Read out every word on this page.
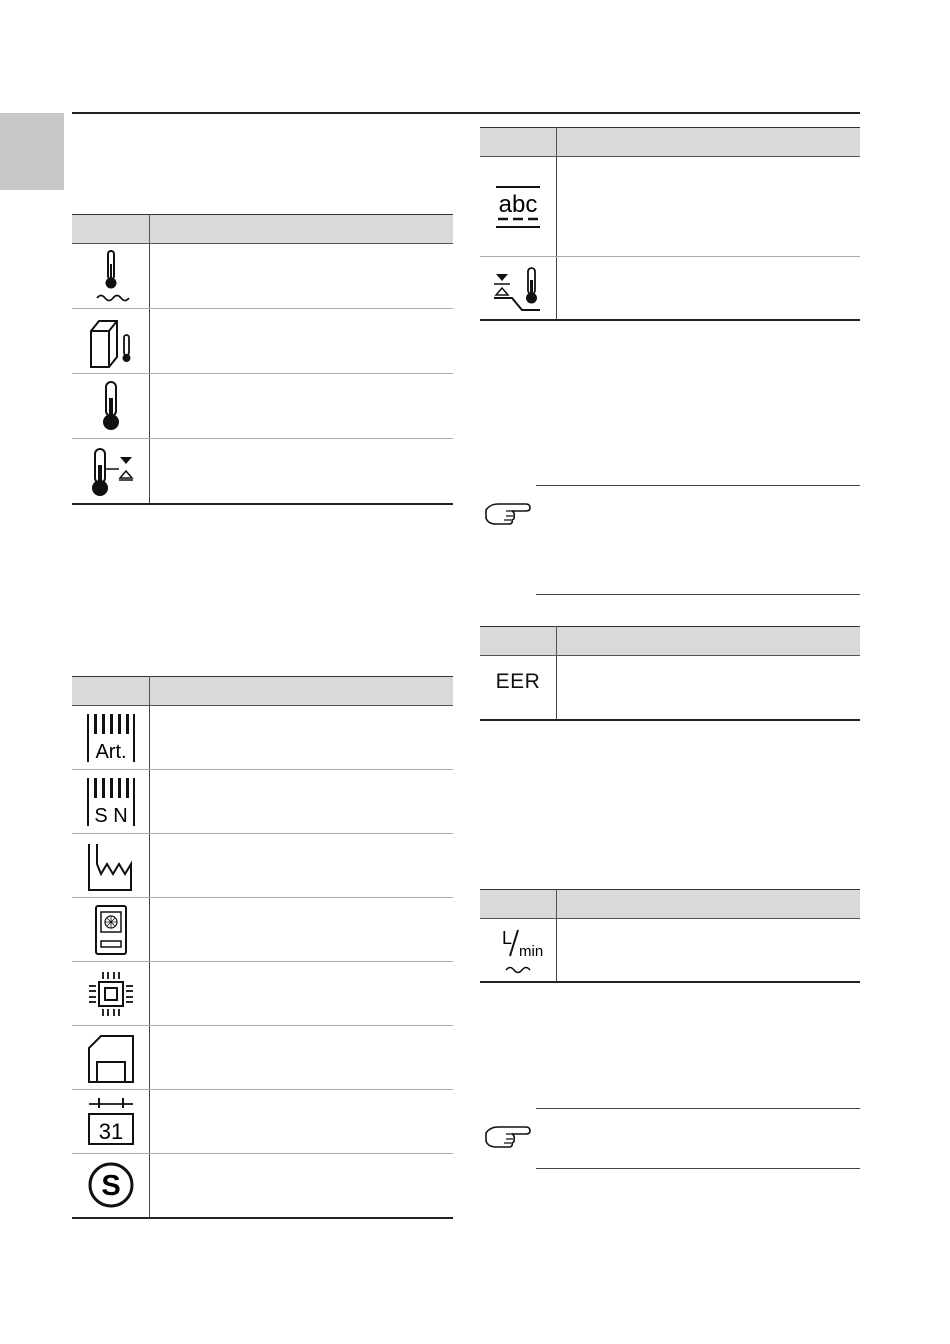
Art.	

S N	

31	

S	

abc	

EER	

L
min	
